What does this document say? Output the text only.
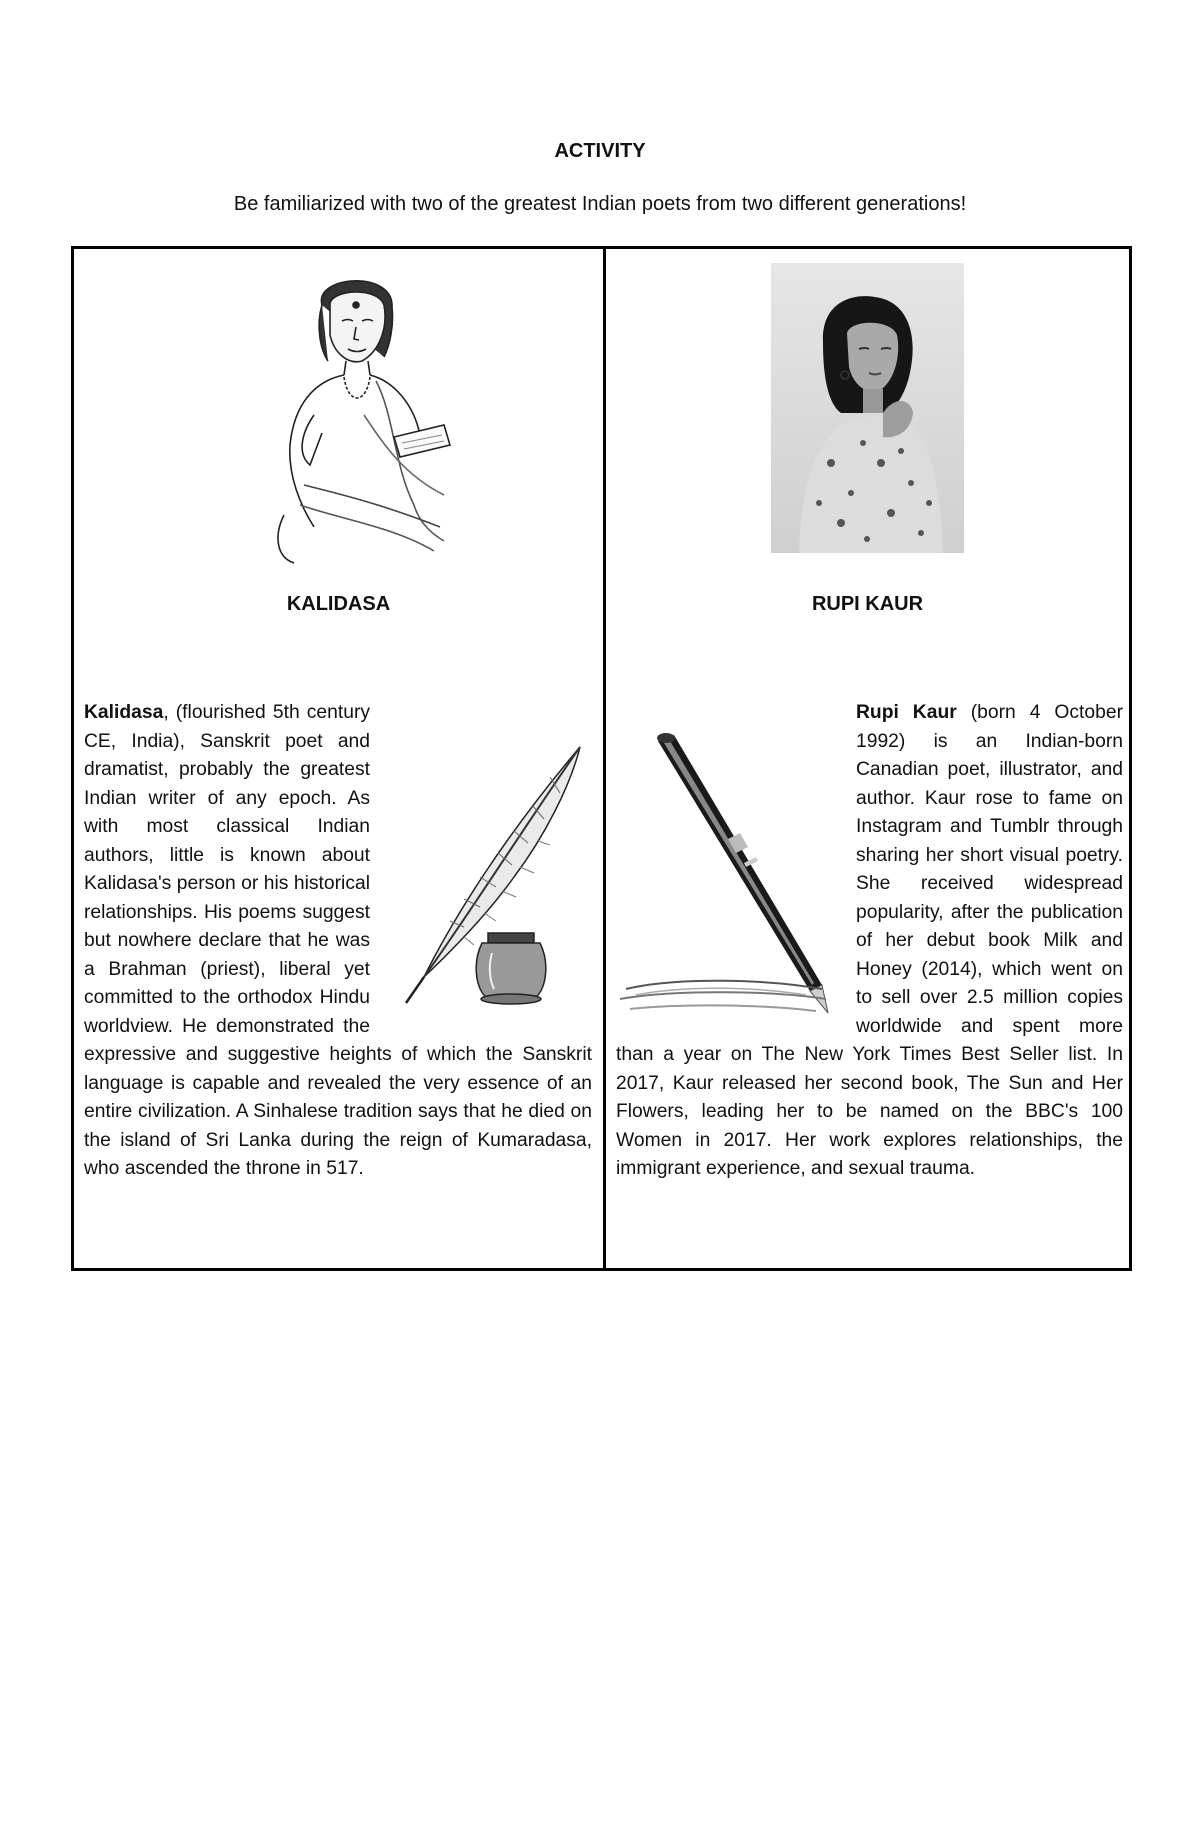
ACTIVITY
Be familiarized with two of the greatest Indian poets from two different generations!
KALIDASA
Kalidasa, (flourished 5th century CE, India), Sanskrit poet and dramatist, probably the greatest Indian writer of any epoch. As with most classical Indian authors, little is known about Kalidasa's person or his historical relationships. His poems suggest but nowhere declare that he was a Brahman (priest), liberal yet committed to the orthodox Hindu worldview. He demonstrated the expressive and suggestive heights of which the Sanskrit language is capable and revealed the very essence of an entire civilization. A Sinhalese tradition says that he died on the island of Sri Lanka during the reign of Kumaradasa, who ascended the throne in 517.
RUPI KAUR
Rupi Kaur (born 4 October 1992) is an Indian-born Canadian poet, illustrator, and author. Kaur rose to fame on Instagram and Tumblr through sharing her short visual poetry. She received widespread popularity, after the publication of her debut book Milk and Honey (2014), which went on to sell over 2.5 million copies worldwide and spent more than a year on The New York Times Best Seller list. In 2017, Kaur released her second book, The Sun and Her Flowers, leading her to be named on the BBC's 100 Women in 2017. Her work explores relationships, the immigrant experience, and sexual trauma.
